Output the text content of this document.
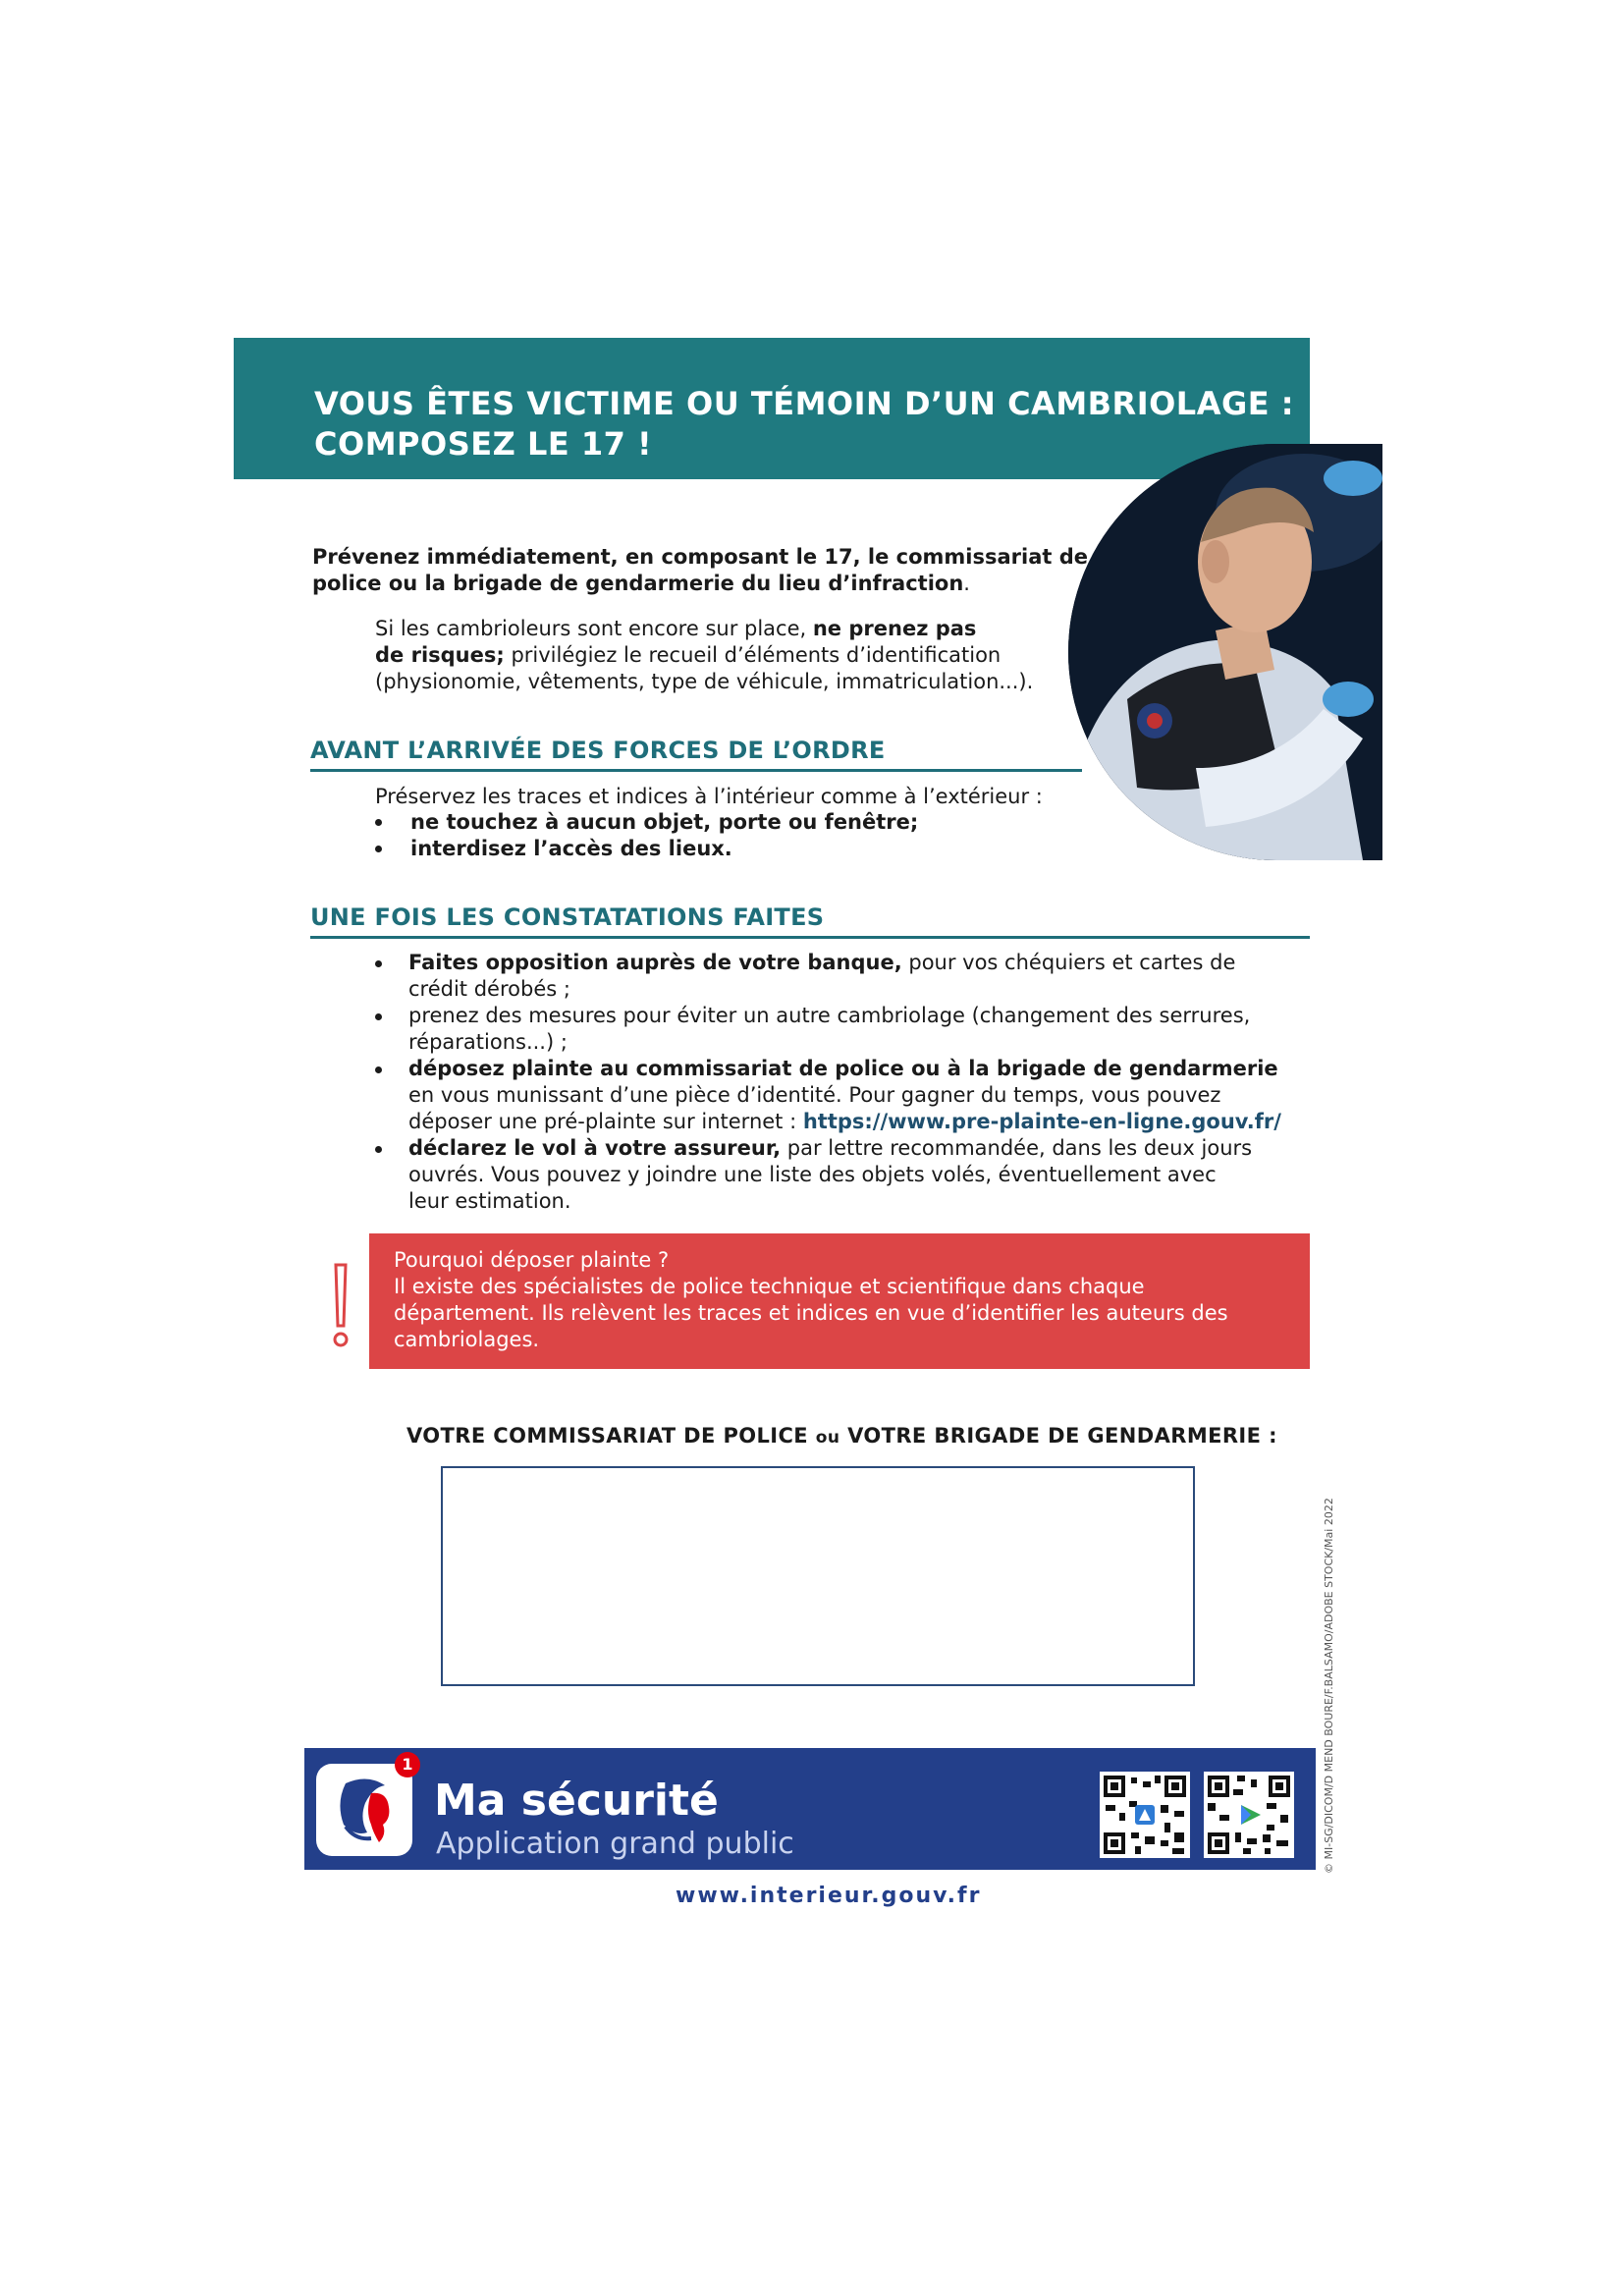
VOUS ÊTES VICTIME OU TÉMOIN D’UN CAMBRIOLAGE :
COMPOSEZ LE 17 !
Prévenez immédiatement, en composant le 17, le commissariat de
police ou la brigade de gendarmerie du lieu d’infraction.
Si les cambrioleurs sont encore sur place, ne prenez pas
de risques; privilégiez le recueil d’éléments d’identification
(physionomie, vêtements, type de véhicule, immatriculation...).
AVANT L’ARRIVÉE DES FORCES DE L’ORDRE
Préservez les traces et indices à l’intérieur comme à l’extérieur :
ne touchez à aucun objet, porte ou fenêtre;
interdisez l’accès des lieux.
UNE FOIS LES CONSTATATIONS FAITES
Faites opposition auprès de votre banque, pour vos chéquiers et cartes de
crédit dérobés ;
prenez des mesures pour éviter un autre cambriolage (changement des serrures,
réparations...) ;
déposez plainte au commissariat de police ou à la brigade de gendarmerie
en vous munissant d’une pièce d’identité. Pour gagner du temps, vous pouvez
déposer une pré-plainte sur internet : https://www.pre-plainte-en-ligne.gouv.fr/
déclarez le vol à votre assureur, par lettre recommandée, dans les deux jours
ouvrés. Vous pouvez y joindre une liste des objets volés, éventuellement avec
leur estimation.
Pourquoi déposer plainte ?
Il existe des spécialistes de police technique et scientifique dans chaque
département. Ils relèvent les traces et indices en vue d’identifier les auteurs des
cambriolages.
VOTRE COMMISSARIAT DE POLICE ou VOTRE BRIGADE DE GENDARMERIE :
1
Ma sécurité
Application grand public
www.interieur.gouv.fr
© MI-SG/DICOM/D MEND BOURE/F.BALSAMO/ADOBE STOCK/Mai 2022
